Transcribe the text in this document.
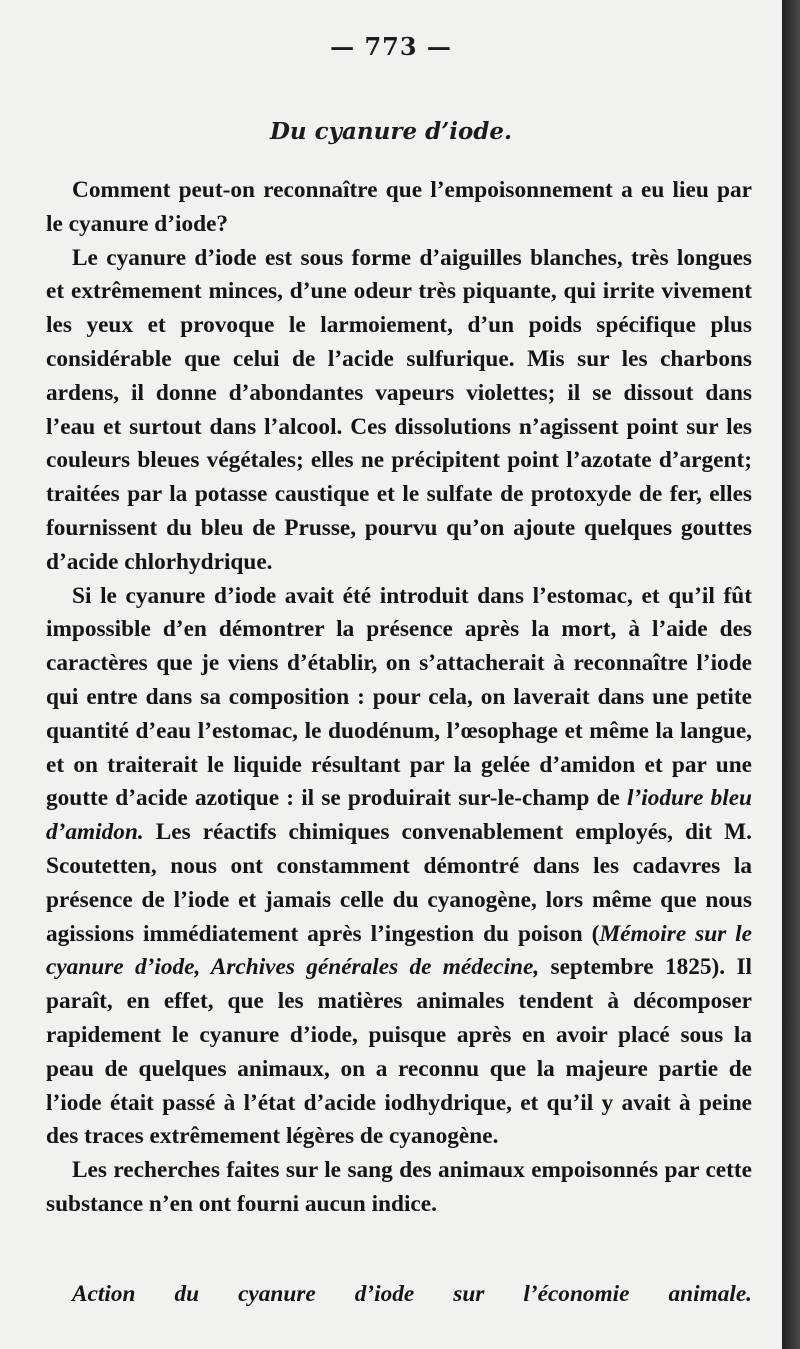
— 773 —
Du cyanure d’iode.

Comment peut-on reconnaître que l’empoisonnement a eu lieu par le cyanure d’iode?

Le cyanure d’iode est sous forme d’aiguilles blanches, très longues et extrêmement minces, d’une odeur très piquante, qui irrite vivement les yeux et provoque le larmoiement, d’un poids spécifique plus considérable que celui de l’acide sulfurique. Mis sur les charbons ardens, il donne d’abondantes vapeurs violettes; il se dissout dans l’eau et surtout dans l’alcool. Ces dissolutions n’agissent point sur les couleurs bleues végétales; elles ne précipitent point l’azotate d’argent; traitées par la potasse caustique et le sulfate de protoxyde de fer, elles fournissent du bleu de Prusse, pourvu qu’on ajoute quelques gouttes d’acide chlorhydrique.

Si le cyanure d’iode avait été introduit dans l’estomac, et qu’il fût impossible d’en démontrer la présence après la mort, à l’aide des caractères que je viens d’établir, on s’attacherait à reconnaître l’iode qui entre dans sa composition : pour cela, on laverait dans une petite quantité d’eau l’estomac, le duodénum, l’œsophage et même la langue, et on traiterait le liquide résultant par la gelée d’amidon et par une goutte d’acide azotique : il se produirait sur-le-champ de l’iodure bleu d’amidon. Les réactifs chimiques convenablement employés, dit M. Scoutetten, nous ont constamment démontré dans les cadavres la présence de l’iode et jamais celle du cyanogène, lors même que nous agissions immédiatement après l’ingestion du poison (Mémoire sur le cyanure d’iode, Archives générales de médecine, septembre 1825). Il paraît, en effet, que les matières animales tendent à décomposer rapidement le cyanure d’iode, puisque après en avoir placé sous la peau de quelques animaux, on a reconnu que la majeure partie de l’iode était passé à l’état d’acide iodhydrique, et qu’il y avait à peine des traces extrêmement légères de cyanogène.

Les recherches faites sur le sang des animaux empoisonnés par cette substance n’en ont fourni aucun indice.

Action du cyanure d’iode sur l’économie animale.
